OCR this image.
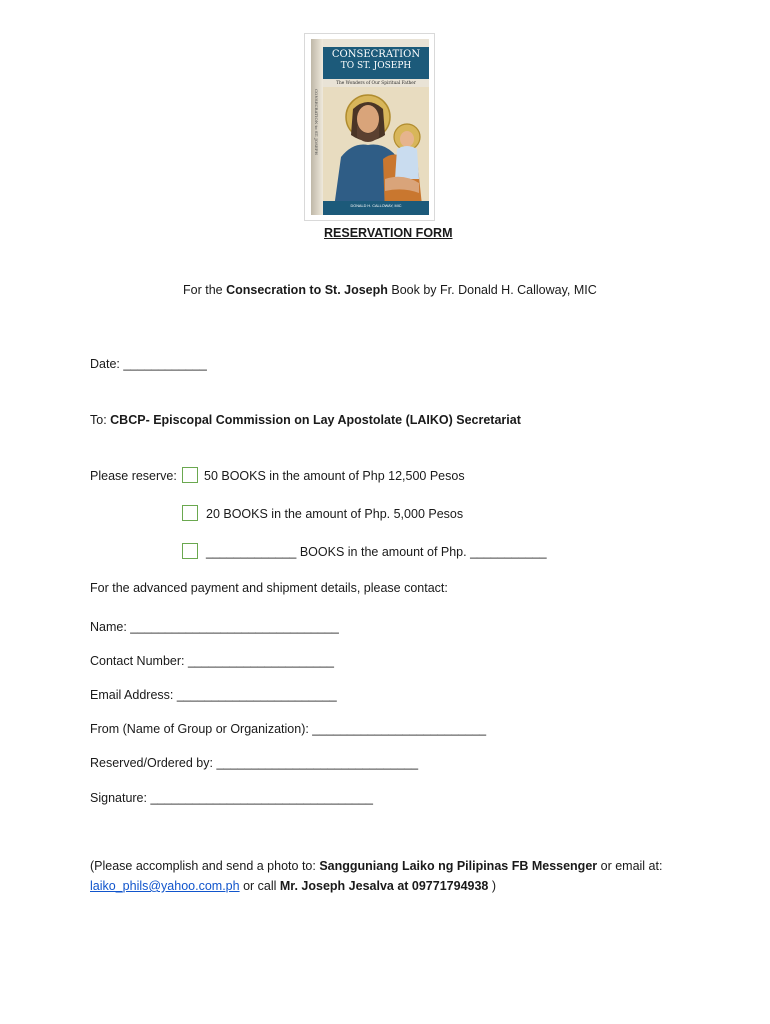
CONSECRATION to ST. JOSEPH
CONSECRATION
TO ST. JOSEPH
The Wonders of Our Spiritual Father
DONALD H. CALLOWAY, MIC
RESERVATION FORM
For the Consecration to St. Joseph Book by Fr. Donald H. Calloway, MIC
Date: ____________
To: CBCP- Episcopal Commission on Lay Apostolate (LAIKO) Secretariat
Please reserve: 50 BOOKS in the amount of Php 12,500 Pesos
20 BOOKS in the amount of Php. 5,000 Pesos
_____________ BOOKS in the amount of Php. ___________
For the advanced payment and shipment details, please contact:
Name: ______________________________
Contact Number: _____________________
Email Address: _______________________
From (Name of Group or Organization): _________________________
Reserved/Ordered by: _____________________________
Signature: ________________________________
(Please accomplish and send a photo to: Sangguniang Laiko ng Pilipinas FB Messenger or email at:
laiko_phils@yahoo.com.ph or call Mr. Joseph Jesalva at 09771794938 )
